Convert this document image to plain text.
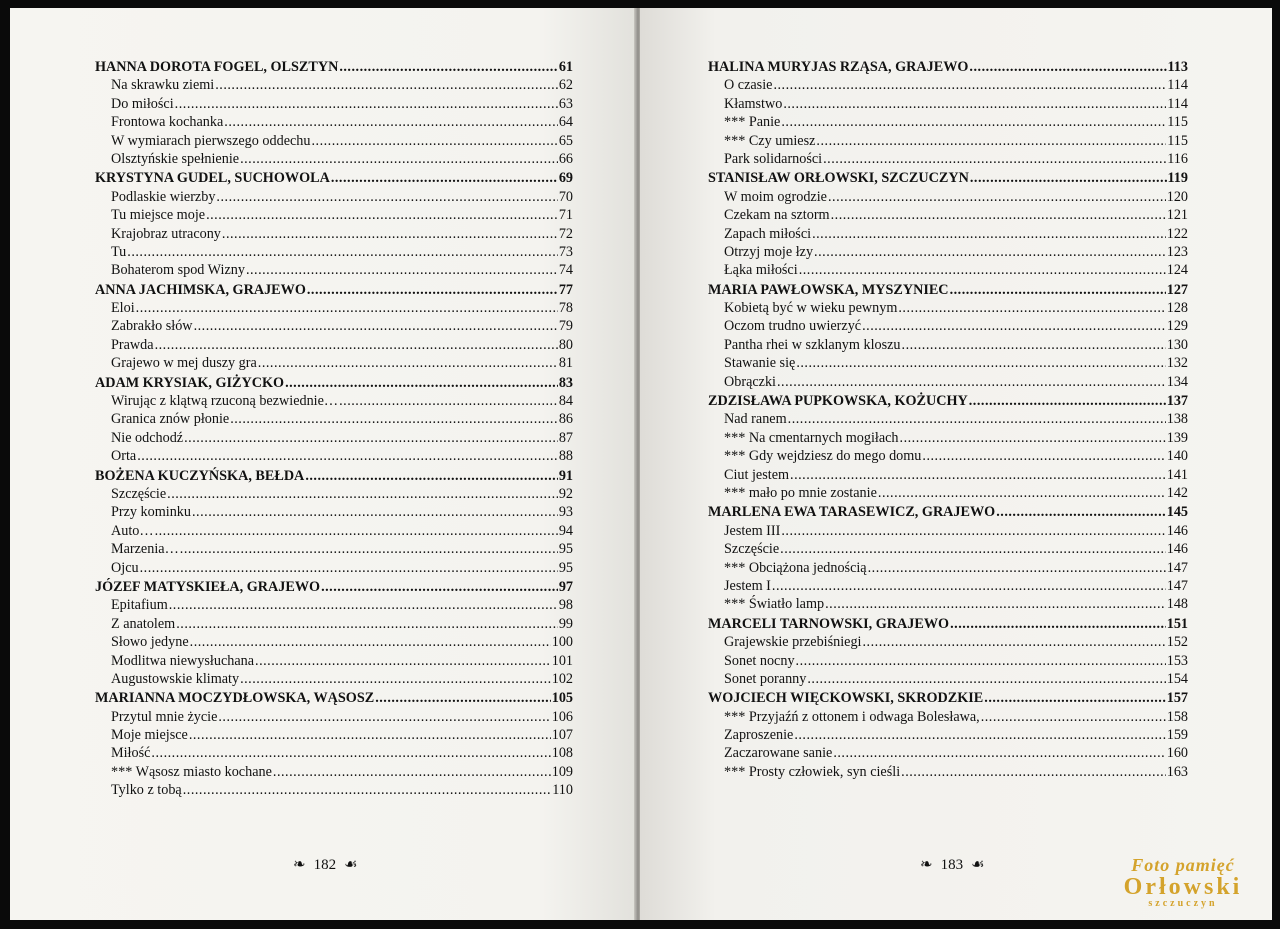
HANNA DOROTA FOGEL, OLSZTYN .....	61
Na skrawku ziemi .....	62
Do miłości .....	63
Frontowa kochanka .....	64
W wymiarach pierwszego oddechu .....	65
Olsztyńskie spełnienie .....	66
KRYSTYNA GUDEL, SUCHOWOLA .....	69
Podlaskie wierzby .....	70
Tu miejsce moje .....	71
Krajobraz utracony .....	72
Tu .....	73
Bohaterom spod Wizny .....	74
ANNA JACHIMSKA, GRAJEWO .....	77
Eloi .....	78
Zabrakło słów .....	79
Prawda .....	80
Grajewo w mej duszy gra .....	81
ADAM KRYSIAK, GIŻYCKO .....	83
Wirując z klątwą rzuconą bezwiednie… .....	84
Granica znów płonie .....	86
Nie odchodź .....	87
Orta .....	88
BOŻENA KUCZYŃSKA, BEŁDA .....	91
Szczęście .....	92
Przy kominku .....	93
Auto… .....	94
Marzenia… .....	95
Ojcu .....	95
JÓZEF MATYSKIEŁA, GRAJEWO .....	97
Epitafium .....	98
Z anatolem .....	99
Słowo jedyne .....	100
Modlitwa niewysłuchana .....	101
Augustowskie klimaty .....	102
MARIANNA MOCZYDŁOWSKA, WĄSOSZ .....	105
Przytul mnie życie .....	106
Moje miejsce .....	107
Miłość .....	108
*** Wąsosz miasto kochane .....	109
Tylko z tobą .....	110
❧ 182 ☙
HALINA MURYJAS RZĄSA, GRAJEWO .....	113
O czasie .....	114
Kłamstwo .....	114
*** Panie .....	115
*** Czy umiesz .....	115
Park solidarności .....	116
STANISŁAW ORŁOWSKI, SZCZUCZYN .....	119
W moim ogrodzie .....	120
Czekam na sztorm .....	121
Zapach miłości .....	122
Otrzyj moje łzy .....	123
Łąka miłości .....	124
MARIA PAWŁOWSKA, MYSZYNIEC .....	127
Kobietą być w wieku pewnym .....	128
Oczom trudno uwierzyć .....	129
Pantha rhei w szklanym kloszu .....	130
Stawanie się .....	132
Obrączki .....	134
ZDZISŁAWA PUPKOWSKA, KOŻUCHY .....	137
Nad ranem .....	138
*** Na cmentarnych mogiłach .....	139
*** Gdy wejdziesz do mego domu .....	140
Ciut jestem .....	141
*** mało po mnie zostanie .....	142
MARLENA EWA TARASEWICZ, GRAJEWO .....	145
Jestem III .....	146
Szczęście .....	146
*** Obciążona jednością .....	147
Jestem I .....	147
*** Światło lamp .....	148
MARCELI TARNOWSKI, GRAJEWO .....	151
Grajewskie przebiśniegi .....	152
Sonet nocny .....	153
Sonet poranny .....	154
WOJCIECH WIĘCKOWSKI, SKRODZKIE .....	157
*** Przyjaźń z ottonem i odwaga Bolesława, .....	158
Zaproszenie .....	159
Zaczarowane sanie .....	160
*** Prosty człowiek, syn cieśli .....	163
❧ 183 ☙	Foto pamięć
Orłowski
szczuczyn
